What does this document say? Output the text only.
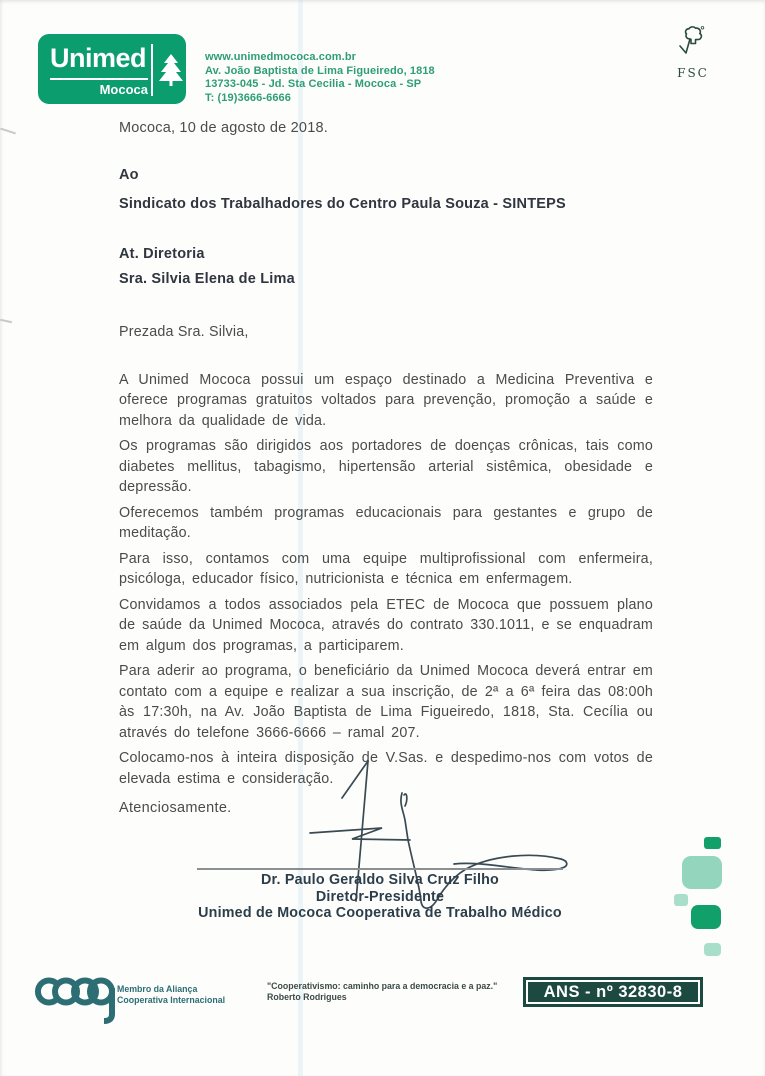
Unimed
Mococa
www.unimedmococa.com.br
Av. João Baptista de Lima Figueiredo, 1818
13733-045 - Jd. Sta Cecilia - Mococa - SP
T: (19)3666-6666
FSC
Mococa, 10 de agosto de 2018.
Ao
Sindicato dos Trabalhadores do Centro Paula Souza - SINTEPS
At. Diretoria
Sra. Silvia Elena de Lima

Prezada Sra. Silvia,

A Unimed Mococa possui um espaço destinado a Medicina Preventiva e oferece programas gratuitos voltados para prevenção, promoção a saúde e melhora da qualidade de vida.

Os programas são dirigidos aos portadores de doenças crônicas, tais como diabetes mellitus, tabagismo, hipertensão arterial sistêmica, obesidade e depressão.

Oferecemos também programas educacionais para gestantes e grupo de meditação.

Para isso, contamos com uma equipe multiprofissional com enfermeira, psicóloga, educador físico, nutricionista e técnica em enfermagem.

Convidamos a todos associados pela ETEC de Mococa que possuem plano de saúde da Unimed Mococa, através do contrato 330.1011, e se enquadram em algum dos programas, a participarem.

Para aderir ao programa, o beneficiário da Unimed Mococa deverá entrar em contato com a equipe e realizar a sua inscrição, de 2ª a 6ª feira das 08:00h às 17:30h, na Av. João Baptista de Lima Figueiredo, 1818, Sta. Cecília ou através do telefone 3666-6666 – ramal 207.

Colocamo-nos à inteira disposição de V.Sas. e despedimo-nos com votos de elevada estima e consideração.

Atenciosamente.
Dr. Paulo Geraldo Silva Cruz Filho
Diretor-Presidente
Unimed de Mococa Cooperativa de Trabalho Médico
Membro da Aliança
Cooperativa Internacional
"Cooperativismo: caminho para a democracia e a paz."
Roberto Rodrigues	ANS - nº 32830-8
